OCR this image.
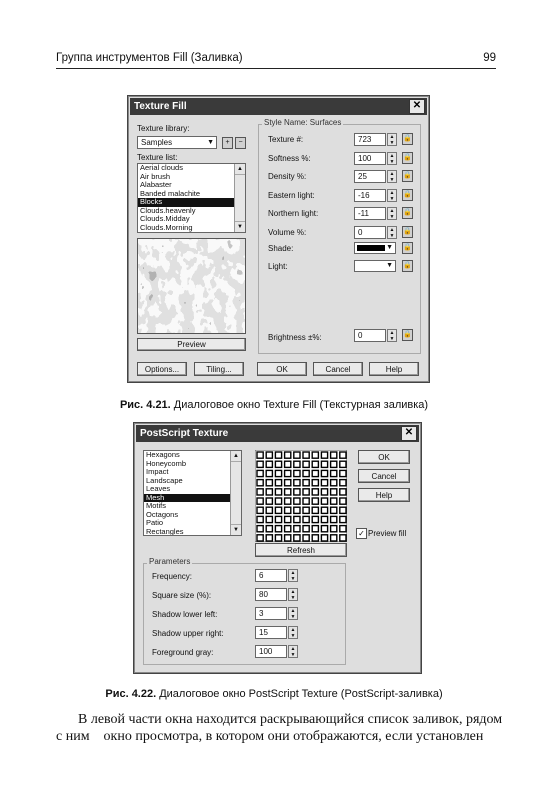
Группа инструментов Fill (Заливка)	99
Texture Fill	✕
Texture library:
Samples	▼	+	−
Texture list:
Aerial clouds
Air brush
Alabaster
Banded malachite
Blocks
Clouds.heavenly
Clouds.Midday
Clouds.Morning
▲
▼
Preview
Style Name: Surfaces
Shade:	▼ 🔒
Light:	▼ 🔒
Brightness ±%:	0	▲
▼
🔒
Options...	Tiling...	OK	Cancel	Help
Texture #:	723	▲
▼
🔒
Softness %:	100	▲
▼
🔒
Density %:	25	▲
▼
🔒
Eastern light:	-16	▲
▼
🔒
Northern light:	-11	▲
▼
🔒
Volume %:	0	▲
▼
🔒
Рис. 4.21. Диалоговое окно Texture Fill (Текстурная заливка)
PostScript Texture	✕
Hexagons
Honeycomb
Impact
Landscape
Leaves
Mesh
Motifs
Octagons
Patio
Rectangles
▲
▼
OK
Cancel
Help
✓ Preview fill
Refresh
Parameters
Frequency:	6	▲
▼
Square size (%):	80	▲
▼
Shadow lower left:	3	▲
▼
Shadow upper right:	15	▲
▼
Foreground gray:	100	▲
▼
Рис. 4.22. Диалоговое окно PostScript Texture (PostScript-заливка)
В левой части окна находится раскрывающийся список заливок, рядом
с ним    окно просмотра, в котором они отображаются, если установлен
